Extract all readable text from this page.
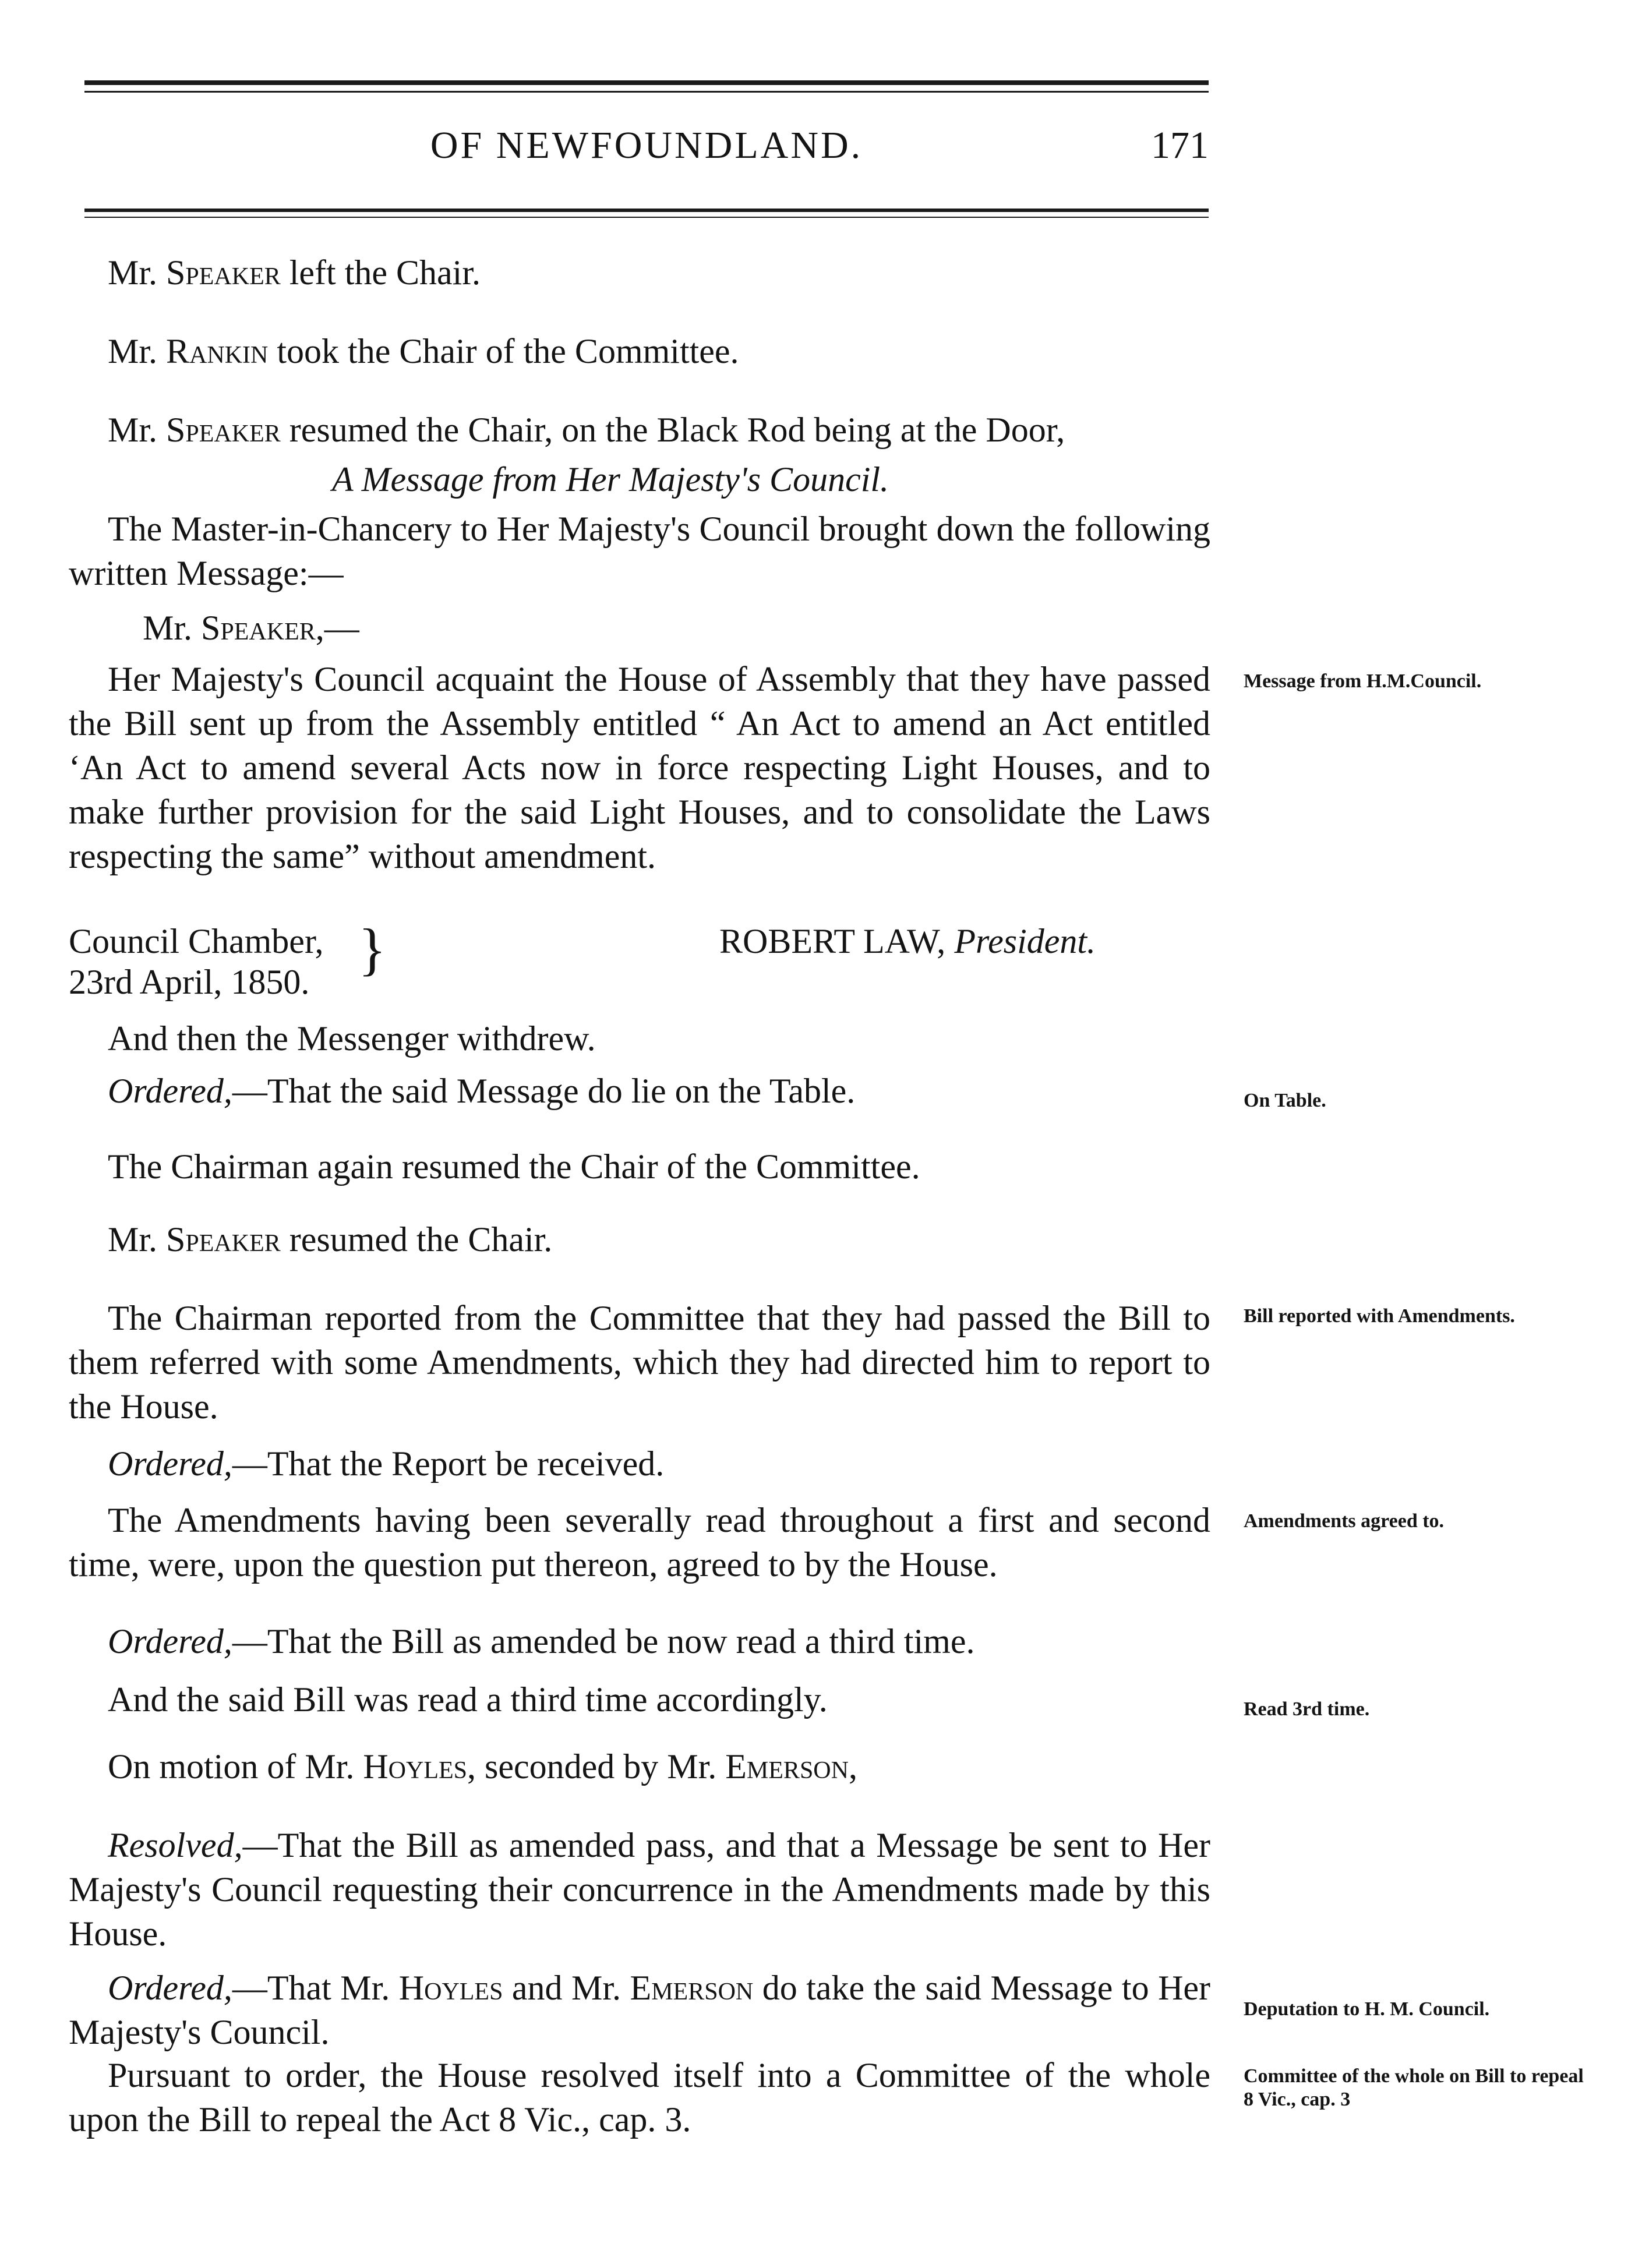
OF NEWFOUNDLAND.	171
Mr. Speaker left the Chair.
Mr. Rankin took the Chair of the Committee.
Mr. Speaker resumed the Chair, on the Black Rod being at the Door,
A Message from Her Majesty's Council.
The Master-in-Chancery to Her Majesty's Council brought down the following written Message:—
Mr. Speaker,—
Her Majesty's Council acquaint the House of Assembly that they have passed the Bill sent up from the Assembly entitled “ An Act to amend an Act entitled ‘An Act to amend several Acts now in force respecting Light Houses, and to make further provision for the said Light Houses, and to consolidate the Laws respecting the same” without amendment.
Message from H.M.Council.
Council Chamber,
23rd April, 1850.
}	ROBERT LAW, President.
And then the Messenger withdrew.
Ordered,—That the said Message do lie on the Table.	On Table.
The Chairman again resumed the Chair of the Committee.
Mr. Speaker resumed the Chair.
The Chairman reported from the Committee that they had passed the Bill to them referred with some Amendments, which they had directed him to report to the House.
Bill reported with Amendments.
Ordered,—That the Report be received.
The Amendments having been severally read throughout a first and second time, were, upon the question put thereon, agreed to by the House.
Amendments agreed to.
Ordered,—That the Bill as amended be now read a third time.
And the said Bill was read a third time accordingly.	Read 3rd time.
On motion of Mr. Hoyles, seconded by Mr. Emerson,
Resolved,—That the Bill as amended pass, and that a Message be sent to Her Majesty's Council requesting their concurrence in the Amendments made by this House.
Ordered,—That Mr. Hoyles and Mr. Emerson do take the said Message to Her Majesty's Council.
Deputation to H. M. Council.
Pursuant to order, the House resolved itself into a Committee of the whole upon the Bill to repeal the Act 8 Vic., cap. 3.
Committee of the whole on Bill to repeal 8 Vic., cap. 3
